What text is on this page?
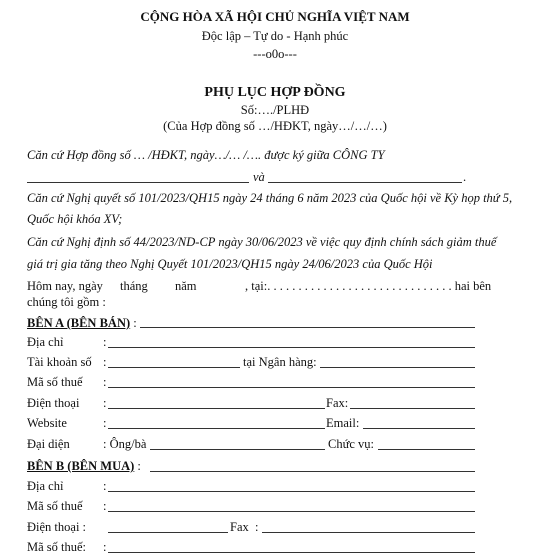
CỘNG HÒA XÃ HỘI CHỦ NGHĨA VIỆT NAM
Độc lập – Tự do - Hạnh phúc
---o0o---
PHỤ LỤC HỢP ĐỒNG
Số:…./PLHĐ
(Của Hợp đồng số …/HĐKT, ngày…/…/…)
Căn cứ Hợp đồng số … /HĐKT, ngày…/… /…. được ký giữa CÔNG TY
và	.
Căn cứ Nghị quyết số 101/2023/QH15 ngày 24 tháng 6 năm 2023 của Quốc hội về Kỳ họp thứ 5,
Quốc hội khóa XV;
Căn cứ Nghị định số 44/2023/ND-CP ngày 30/06/2023 về việc quy định chính sách giảm thuế
giá trị gia tăng theo Nghị Quyết 101/2023/QH15 ngày 24/06/2023 của Quốc Hội
Hôm nay, ngày tháng năm	, tại:. . . . . . . . . . . . . . . . . . . . . . . . . . . . . . hai bên
chúng tôi gồm :
BÊN A (BÊN BÁN) :
Địa chỉ	:
Tài khoản số :	tại Ngân hàng:
Mã số thuế :
Điện thoại :	Fax:
Website	:	Email:
Đại diện	: Ông/bà	Chức vụ:
BÊN B (BÊN MUA) :
Địa chỉ	:
Mã số thuế :
Điện thoại :	Fax :
Mã số thuế: :
